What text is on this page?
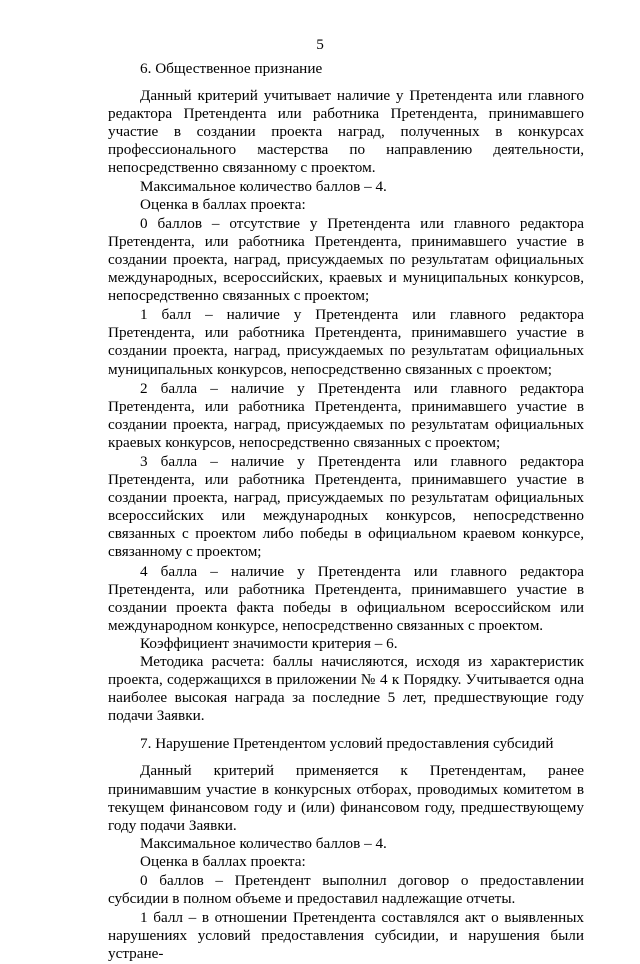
5

6. Общественное признание

Данный критерий учитывает наличие у Претендента или главного редактора Претендента или работника Претендента, принимавшего участие в создании проекта наград, полученных в конкурсах профессионального мастерства по направлению деятельности, непосредственно связанному с проектом.

Максимальное количество баллов – 4.

Оценка в баллах проекта:

0 баллов – отсутствие у Претендента или главного редактора Претендента, или работника Претендента, принимавшего участие в создании проекта, наград, присуждаемых по результатам официальных международных, всероссийских, краевых и муниципальных конкурсов, непосредственно связанных с проектом;

1 балл – наличие у Претендента или главного редактора Претендента, или работника Претендента, принимавшего участие в создании проекта, наград, присуждаемых по результатам официальных муниципальных конкурсов, непосредственно связанных с проектом;

2 балла – наличие у Претендента или главного редактора Претендента, или работника Претендента, принимавшего участие в создании проекта, наград, присуждаемых по результатам официальных краевых конкурсов, непосредственно связанных с проектом;

3 балла – наличие у Претендента или главного редактора Претендента, или работника Претендента, принимавшего участие в создании проекта, наград, присуждаемых по результатам официальных всероссийских или международных конкурсов, непосредственно связанных с проектом либо победы в официальном краевом конкурсе, связанному с проектом;

4 балла – наличие у Претендента или главного редактора Претендента, или работника Претендента, принимавшего участие в создании проекта факта победы в официальном всероссийском или международном конкурсе, непосредственно связанных с проектом.

Коэффициент значимости критерия – 6.

Методика расчета: баллы начисляются, исходя из характеристик проекта, содержащихся в приложении № 4 к Порядку. Учитывается одна наиболее высокая награда за последние 5 лет, предшествующие году подачи Заявки.

7. Нарушение Претендентом условий предоставления субсидий

Данный критерий применяется к Претендентам, ранее принимавшим участие в конкурсных отборах, проводимых комитетом в текущем финансовом году и (или) финансовом году, предшествующему году подачи Заявки.

Максимальное количество баллов – 4.

Оценка в баллах проекта:

0 баллов – Претендент выполнил договор о предоставлении субсидии в полном объеме и предоставил надлежащие отчеты.

1 балл – в отношении Претендента составлялся акт о выявленных нарушениях условий предоставления субсидии, и нарушения были устране-
